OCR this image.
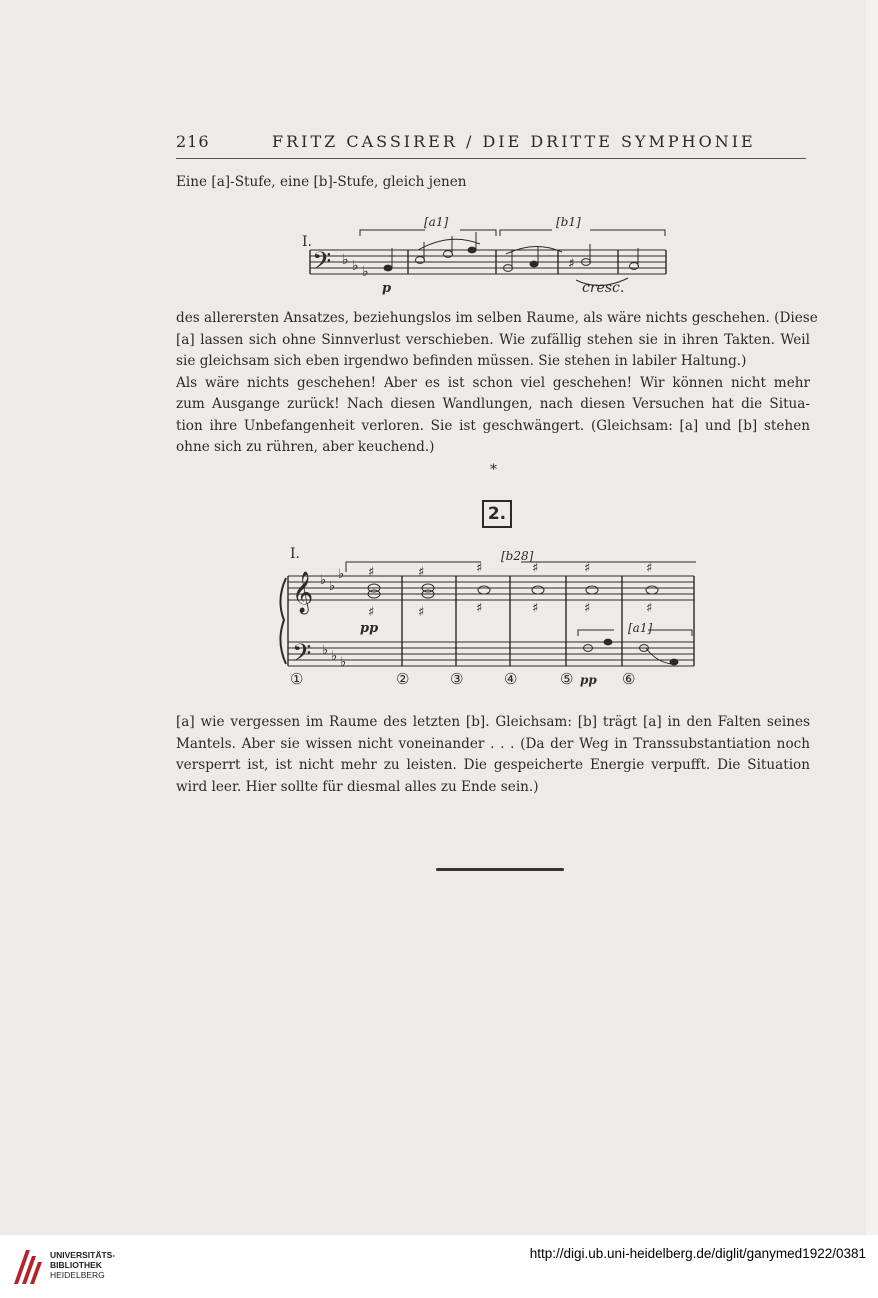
216	FRITZ CASSIRER / DIE DRITTE SYMPHONIE
Eine [a]-Stufe, eine [b]-Stufe, gleich jenen
I.
𝄢 ♭ ♭ ♭	♯
[a1]	[b1]
p	cresc.
des allerersten Ansatzes, beziehungslos im selben Raume, als wäre nichts geschehen. (Diese
[a] lassen sich ohne Sinnverlust verschieben. Wie zufällig stehen sie in ihren Takten. Weil
sie gleichsam sich eben irgendwo befinden müssen. Sie stehen in labiler Haltung.)
Als wäre nichts geschehen! Aber es ist schon viel geschehen! Wir können nicht mehr
zum Ausgange zurück! Nach diesen Wandlungen, nach diesen Versuchen hat die Situa-
tion ihre Unbefangenheit verloren. Sie ist geschwängert. (Gleichsam: [a] und [b] stehen
ohne sich zu rühren, aber keuchend.)
*
2.
I.
𝄞 ♭ ♭
♭
𝄢 ♭ ♭ ♭
♯
♯
♯
♯
♯
♯
♯
♯
♯
♯
♯
♯
[b28]
[a1]
pp
pp
①	②	③	④	⑤	⑥
[a] wie vergessen im Raume des letzten [b]. Gleichsam: [b] trägt [a] in den Falten seines
Mantels. Aber sie wissen nicht voneinander . . . (Da der Weg in Transsubstantiation noch
versperrt ist, ist nicht mehr zu leisten. Die gespeicherte Energie verpufft. Die Situation
wird leer. Hier sollte für diesmal alles zu Ende sein.)
UNIVERSITÄTS-
BIBLIOTHEK
HEIDELBERG
http://digi.ub.uni-heidelberg.de/diglit/ganymed1922/0381
